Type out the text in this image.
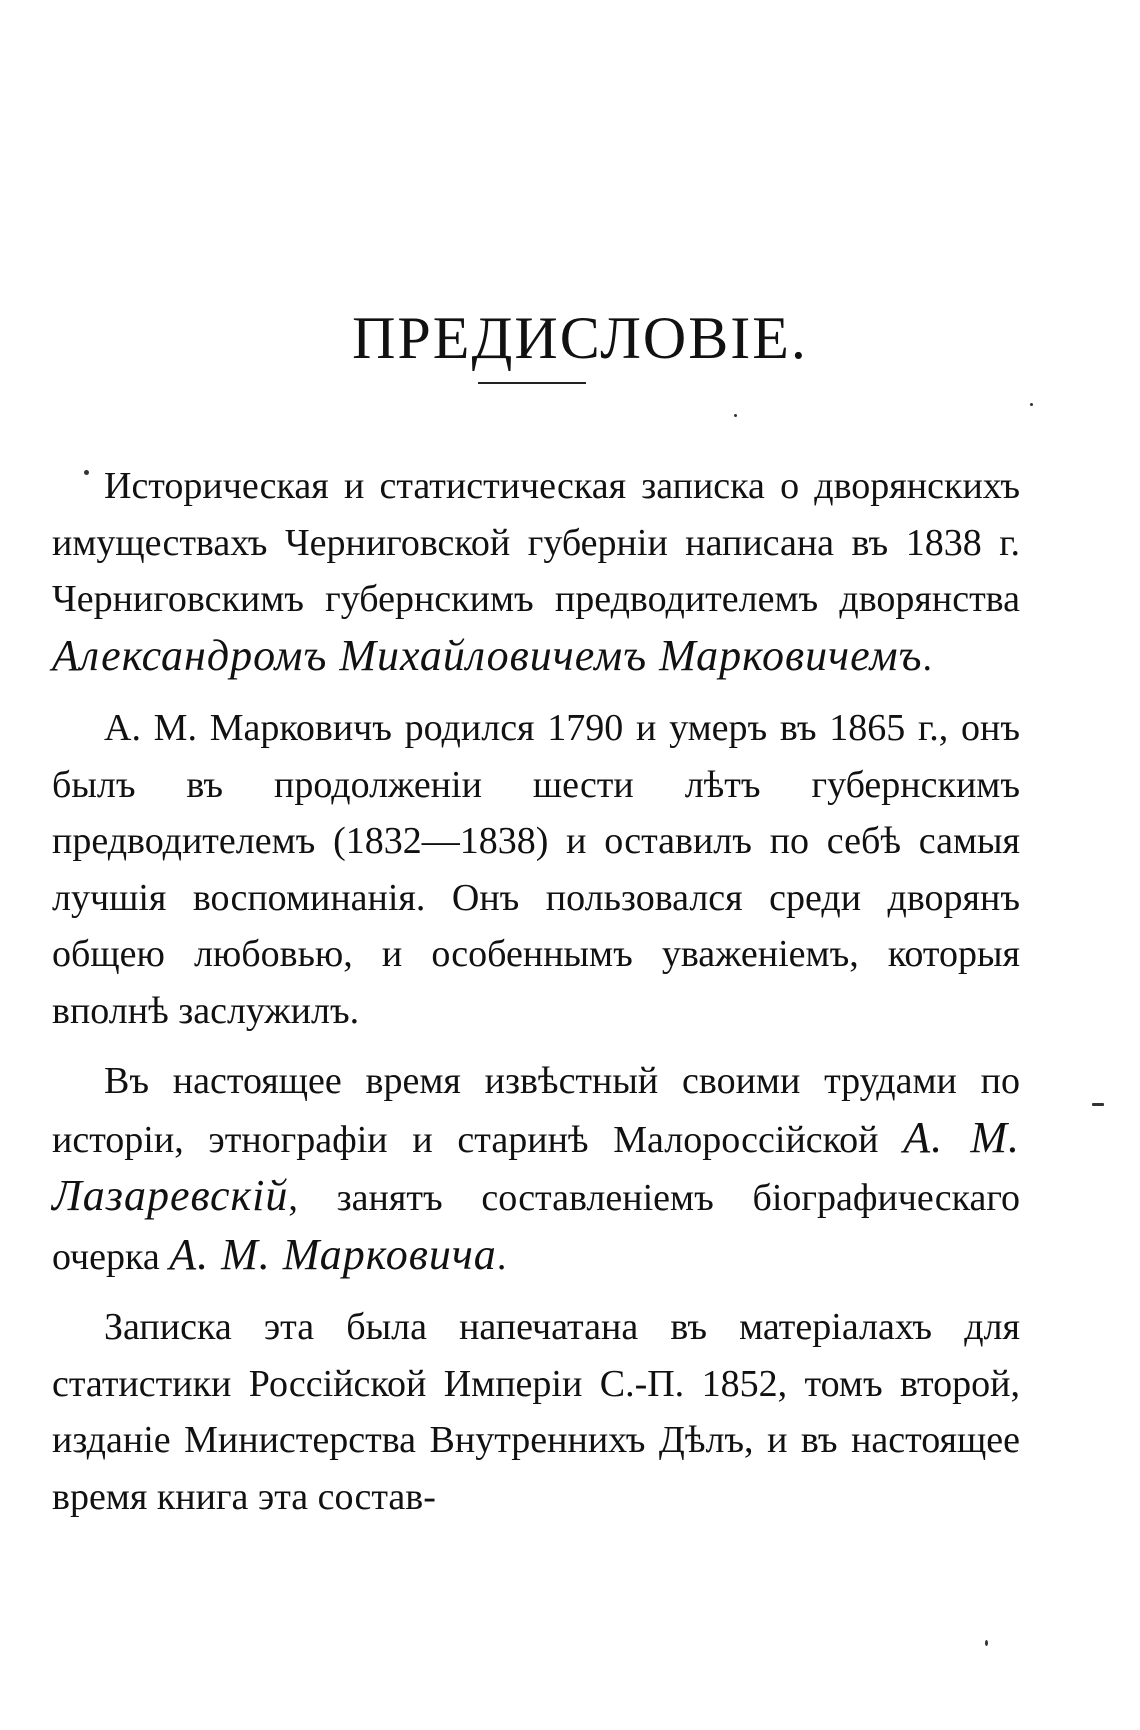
ПРЕДИСЛОВІЕ.

Историческая и статистическая записка о дворянскихъ имуществахъ Черниговской губерніи написана въ 1838 г. Черниговскимъ губернскимъ предводителемъ дворянства Александромъ Михайловичемъ Марковичемъ.

А. М. Марковичъ родился 1790 и умеръ въ 1865 г., онъ былъ въ продолженіи шести лѣтъ губернскимъ предводителемъ (1832—1838) и оставилъ по себѣ самыя лучшія воспоминанія. Онъ пользовался среди дворянъ общею любовью, и особеннымъ уваженіемъ, которыя вполнѣ заслужилъ.

Въ настоящее время извѣстный своими трудами по исторіи, этнографіи и старинѣ Малороссійской А. М. Лазаревскій, занятъ составленіемъ біографическаго очерка А. М. Марковича.

Записка эта была напечатана въ матеріалахъ для статистики Россійской Имперіи С.-П. 1852, томъ второй, изданіе Министерства Внутреннихъ Дѣлъ, и въ настоящее время книга эта состав-
